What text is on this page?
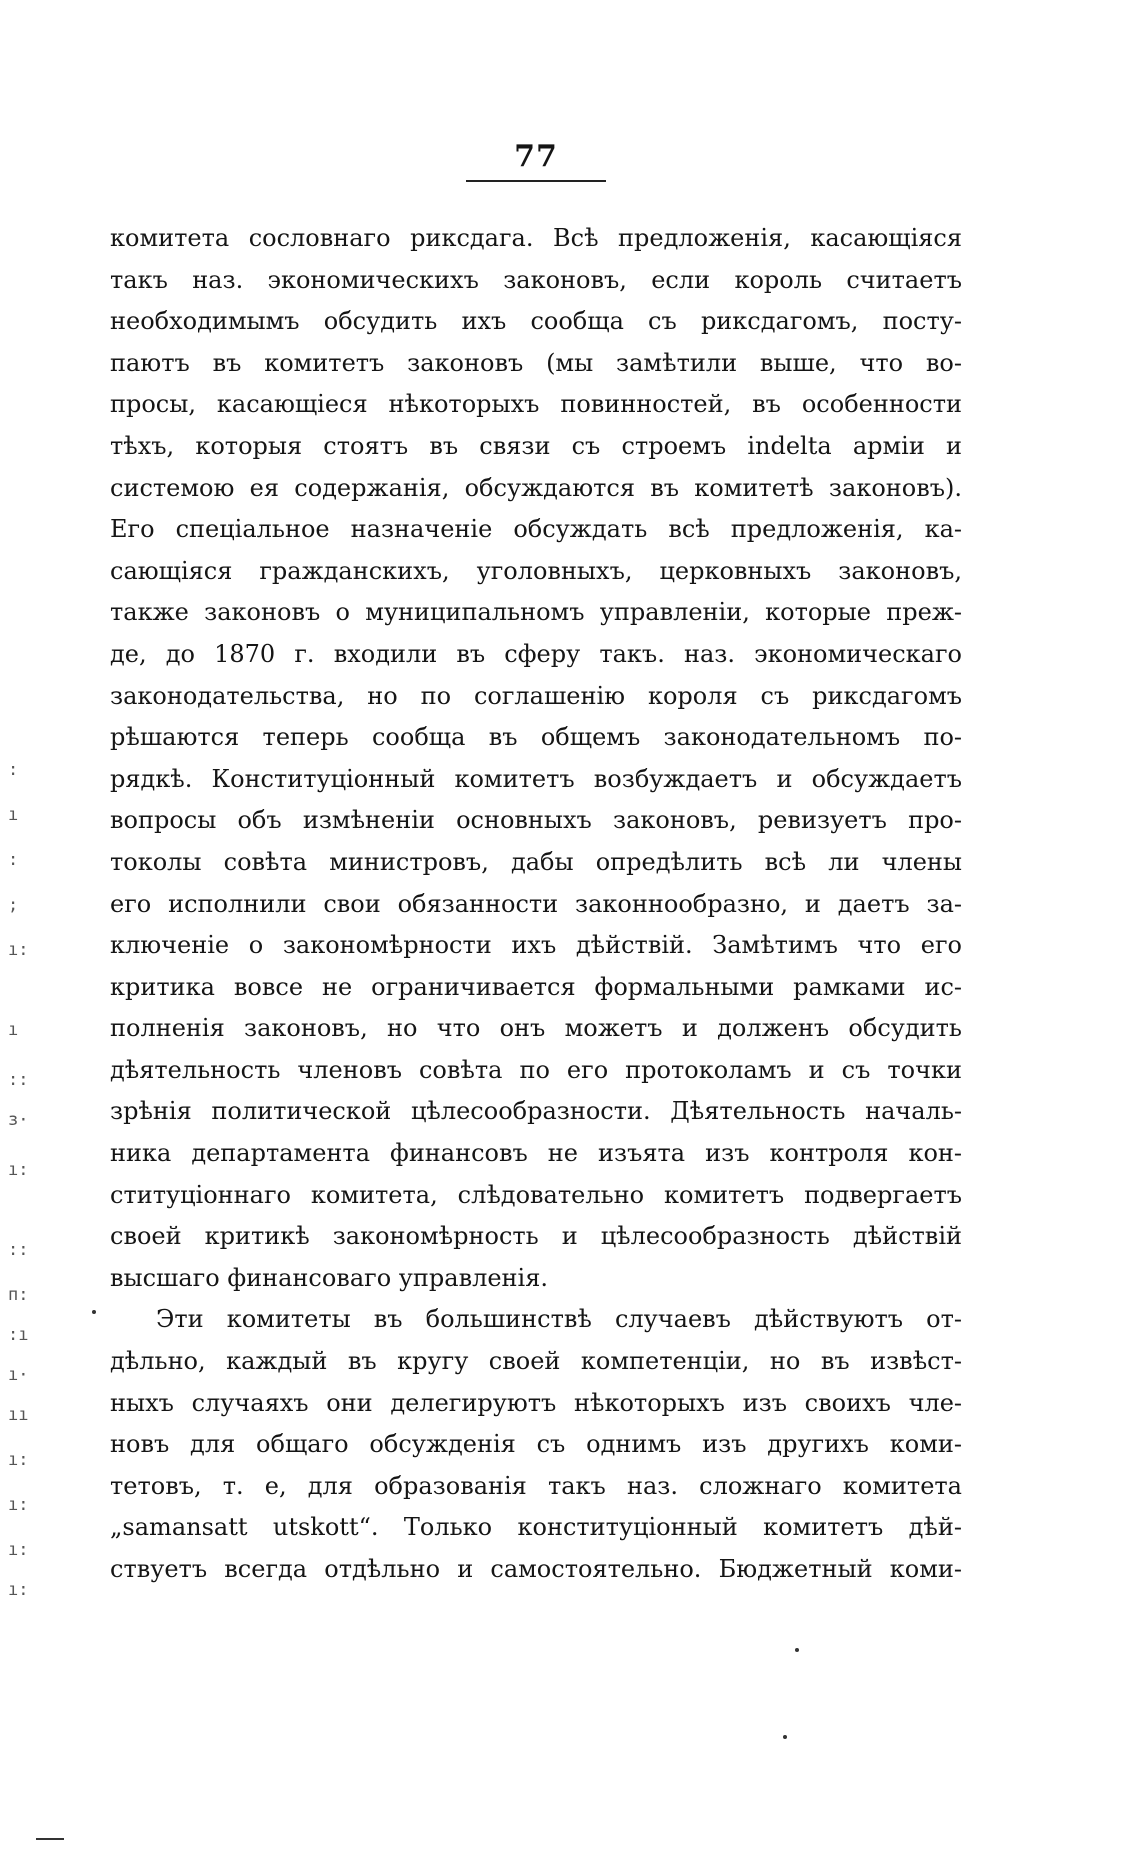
77
комитета сословнаго риксдага. Всѣ предложенія, касающіяся
такъ наз. экономическихъ законовъ, если король считаетъ
необходимымъ обсудить ихъ сообща съ риксдагомъ, посту-
паютъ въ комитетъ законовъ (мы замѣтили выше, что во-
просы, касающіеся нѣкоторыхъ повинностей, въ особенности
тѣхъ, которыя стоятъ въ связи съ строемъ indelta арміи и
системою ея содержанія, обсуждаются въ комитетѣ законовъ).
Его спеціальное назначеніе обсуждать всѣ предложенія, ка-
сающіяся гражданскихъ, уголовныхъ, церковныхъ законовъ,
также законовъ о муниципальномъ управленіи, которые преж-
де, до 1870 г. входили въ сферу такъ. наз. экономическаго
законодательства, но по соглашенію короля съ риксдагомъ
рѣшаются теперь сообща въ общемъ законодательномъ по-
рядкѣ. Конституціонный комитетъ возбуждаетъ и обсуждаетъ
вопросы объ измѣненіи основныхъ законовъ, ревизуетъ про-
токолы совѣта министровъ, дабы опредѣлить всѣ ли члены
его исполнили свои обязанности законнообразно, и даетъ за-
ключеніе о закономѣрности ихъ дѣйствій. Замѣтимъ что его
критика вовсе не ограничивается формальными рамками ис-
полненія законовъ, но что онъ можетъ и долженъ обсудить
дѣятельность членовъ совѣта по его протоколамъ и съ точки
зрѣнія политической цѣлесообразности. Дѣятельность началь-
ника департамента финансовъ не изъята изъ контроля кон-
ституціоннаго комитета, слѣдовательно комитетъ подвергаетъ
своей критикѣ закономѣрность и цѣлесообразность дѣйствій
высшаго финансоваго управленія.
Эти комитеты въ большинствѣ случаевъ дѣйствуютъ от-
дѣльно, каждый въ кругу своей компетенціи, но въ извѣст-
ныхъ случаяхъ они делегируютъ нѣкоторыхъ изъ своихъ чле-
новъ для общаго обсужденія съ однимъ изъ другихъ коми-
тетовъ, т. е, для образованія такъ наз. сложнаго комитета
„samansatt utskott“. Только конституціонный комитетъ дѣй-
ствуетъ всегда отдѣльно и самостоятельно. Бюджетный коми-
:
ı
:
;
ı:
ı
::
з·
ı:
::
п:
:ı
ı·
ıı
ı:
ı:
ı:
ı:
